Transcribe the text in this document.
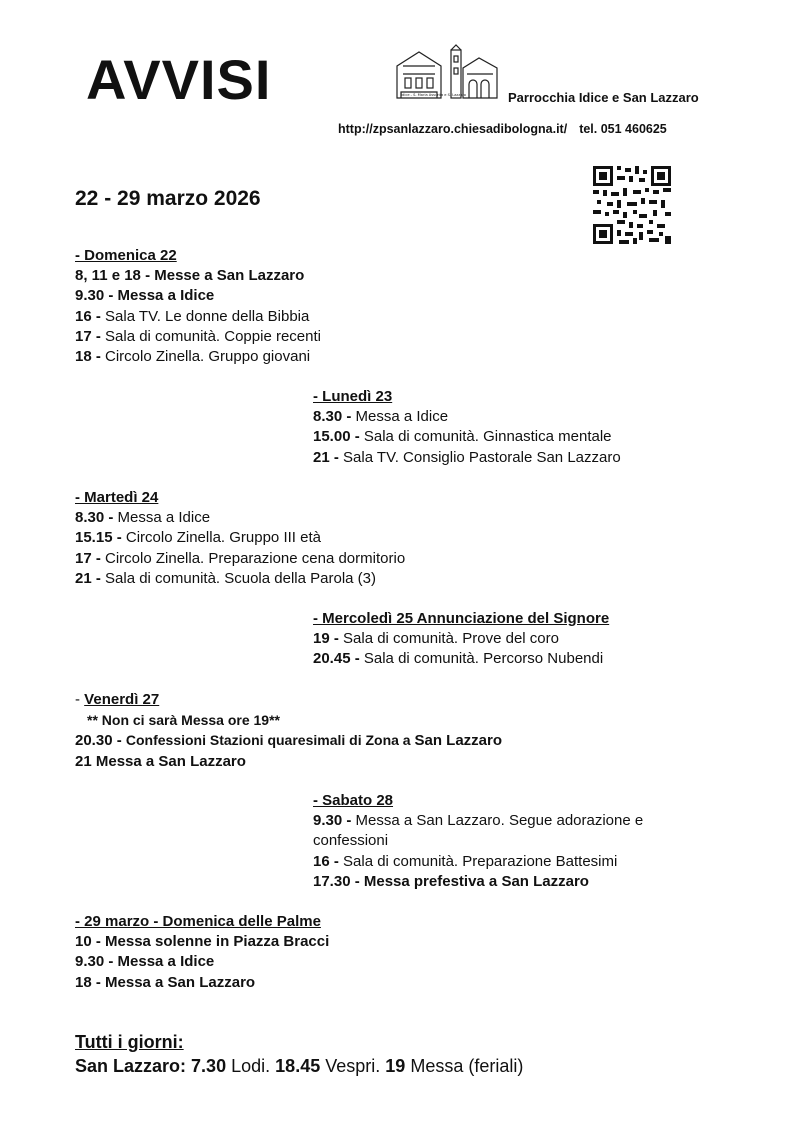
AVVISI	Idice - S. Maria Assunta e S. Lazzaro	Parrocchia Idice e San Lazzaro
http://zpsanlazzaro.chiesadibologna.it/ tel. 051 460625
22 - 29 marzo 2026
- Domenica 22
8, 11 e 18 - Messe a San Lazzaro
9.30 - Messa a Idice
16 - Sala TV. Le donne della Bibbia
17 - Sala di comunità. Coppie recenti
18 - Circolo Zinella. Gruppo giovani
- Lunedì 23
8.30 - Messa a Idice
15.00 - Sala di comunità. Ginnastica mentale
21 - Sala TV. Consiglio Pastorale San Lazzaro
- Martedì 24
8.30 - Messa a Idice
15.15 - Circolo Zinella. Gruppo III età
17 - Circolo Zinella. Preparazione cena dormitorio
21 - Sala di comunità. Scuola della Parola (3)
- Mercoledì 25 Annunciazione del Signore
19 - Sala di comunità. Prove del coro
20.45 - Sala di comunità. Percorso Nubendi
- Venerdì 27
** Non ci sarà Messa ore 19**
20.30 - Confessioni Stazioni quaresimali di Zona a San Lazzaro
21 Messa a San Lazzaro
- Sabato 28
9.30 - Messa a San Lazzaro. Segue adorazione e
confessioni
16 - Sala di comunità. Preparazione Battesimi
17.30 - Messa prefestiva a San Lazzaro
- 29 marzo - Domenica delle Palme
10 - Messa solenne in Piazza Bracci
9.30 - Messa a Idice
18 - Messa a San Lazzaro
Tutti i giorni:
San Lazzaro: 7.30 Lodi. 18.45 Vespri. 19 Messa (feriali)
